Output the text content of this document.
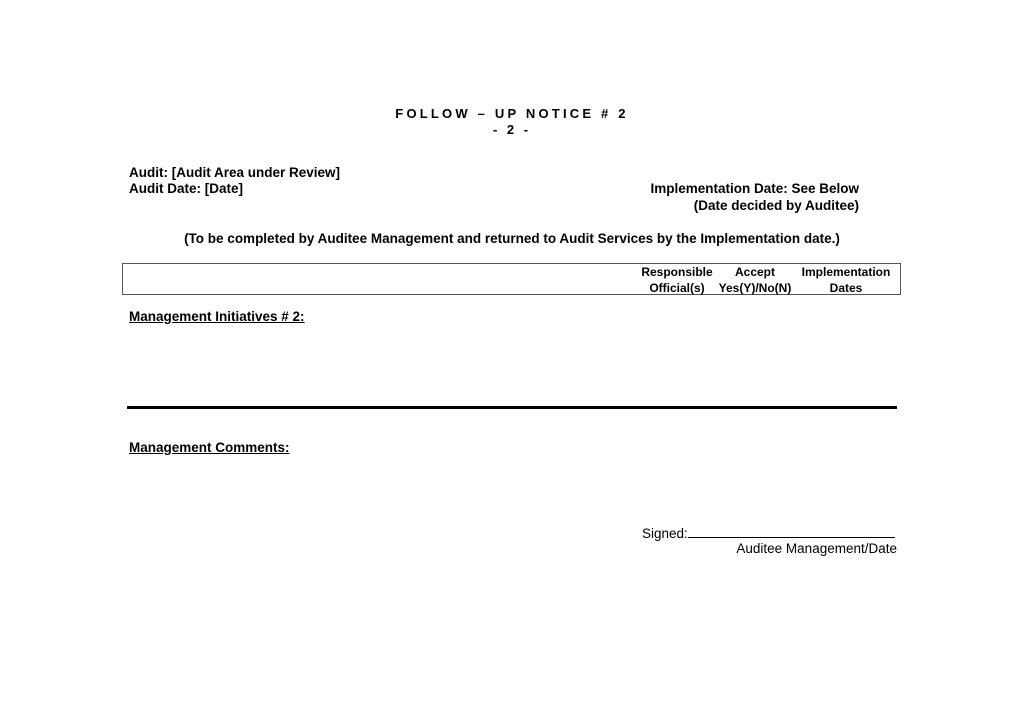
FOLLOW – UP NOTICE # 2
- 2 -
Audit: [Audit Area under Review]
Audit Date: [Date]	Implementation Date: See Below
(Date decided by Auditee)
(To be completed by Auditee Management and returned to Audit Services by the Implementation date.)
Responsible
Official(s)
Accept
Yes(Y)/No(N)
Implementation
Dates
Management Initiatives # 2:
Management Comments:
Signed:
Auditee Management/Date
